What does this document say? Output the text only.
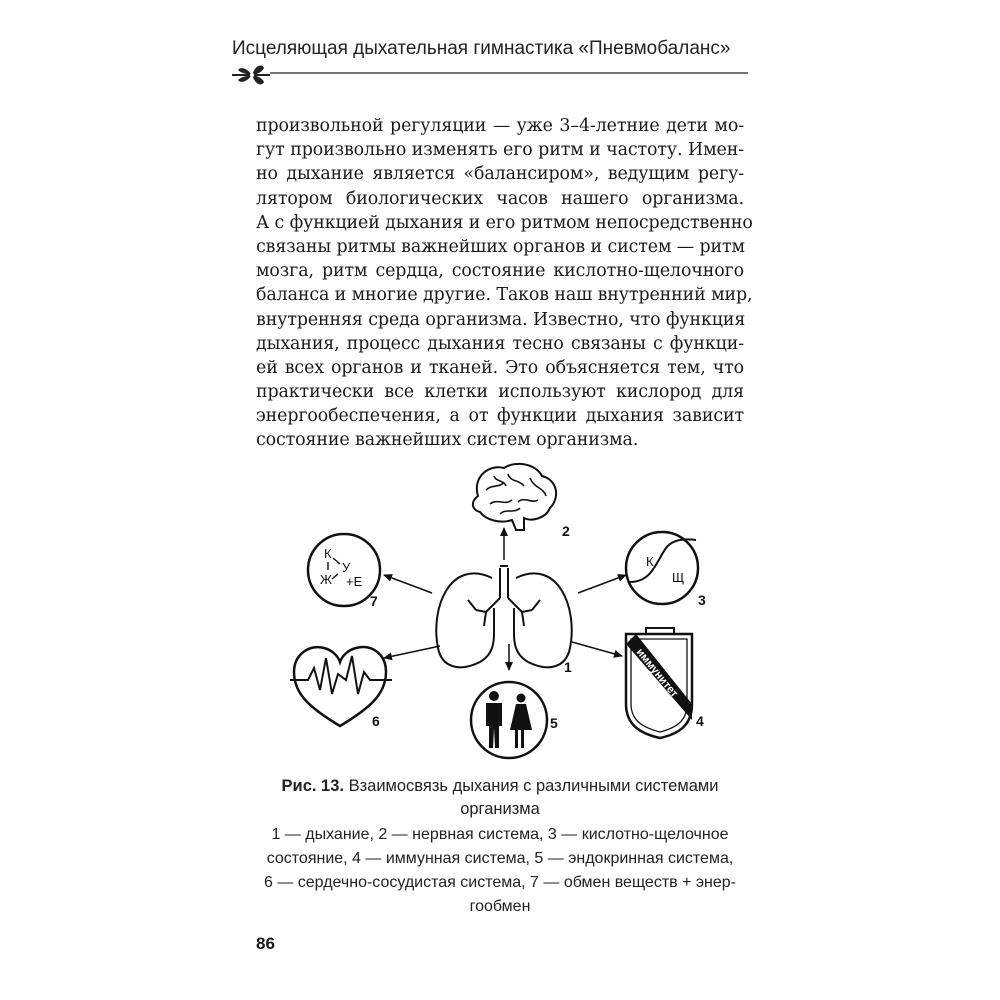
Исцеляющая дыхательная гимнастика «Пневмобаланс»
произвольной регуляции — уже 3–4-летние дети мо-
гут произвольно изменять его ритм и частоту. Имен-
но дыхание является «балансиром», ведущим регу-
лятором биологических часов нашего организма.
А с функцией дыхания и его ритмом непосредственно
связаны ритмы важнейших органов и систем — ритм
мозга, ритм сердца, состояние кислотно-щелочного
баланса и многие другие. Таков наш внутренний мир,
внутренняя среда организма. Известно, что функция
дыхания, процесс дыхания тесно связаны с функци-
ей всех органов и тканей. Это объясняется тем, что
практически все клетки используют кислород для
энергообеспечения, а от функции дыхания зависит
состояние важнейших систем организма.
1
2
К
У
Ж +Е
7
К
Щ
3
6	5
иммунитет
4
Рис. 13. Взаимосвязь дыхания с различными системами
организма
1 — дыхание, 2 — нервная система, 3 — кислотно-щелочное
состояние, 4 — иммунная система, 5 — эндокринная система,
6 — сердечно-сосудистая система, 7 — обмен веществ + энер-
гообмен
86
